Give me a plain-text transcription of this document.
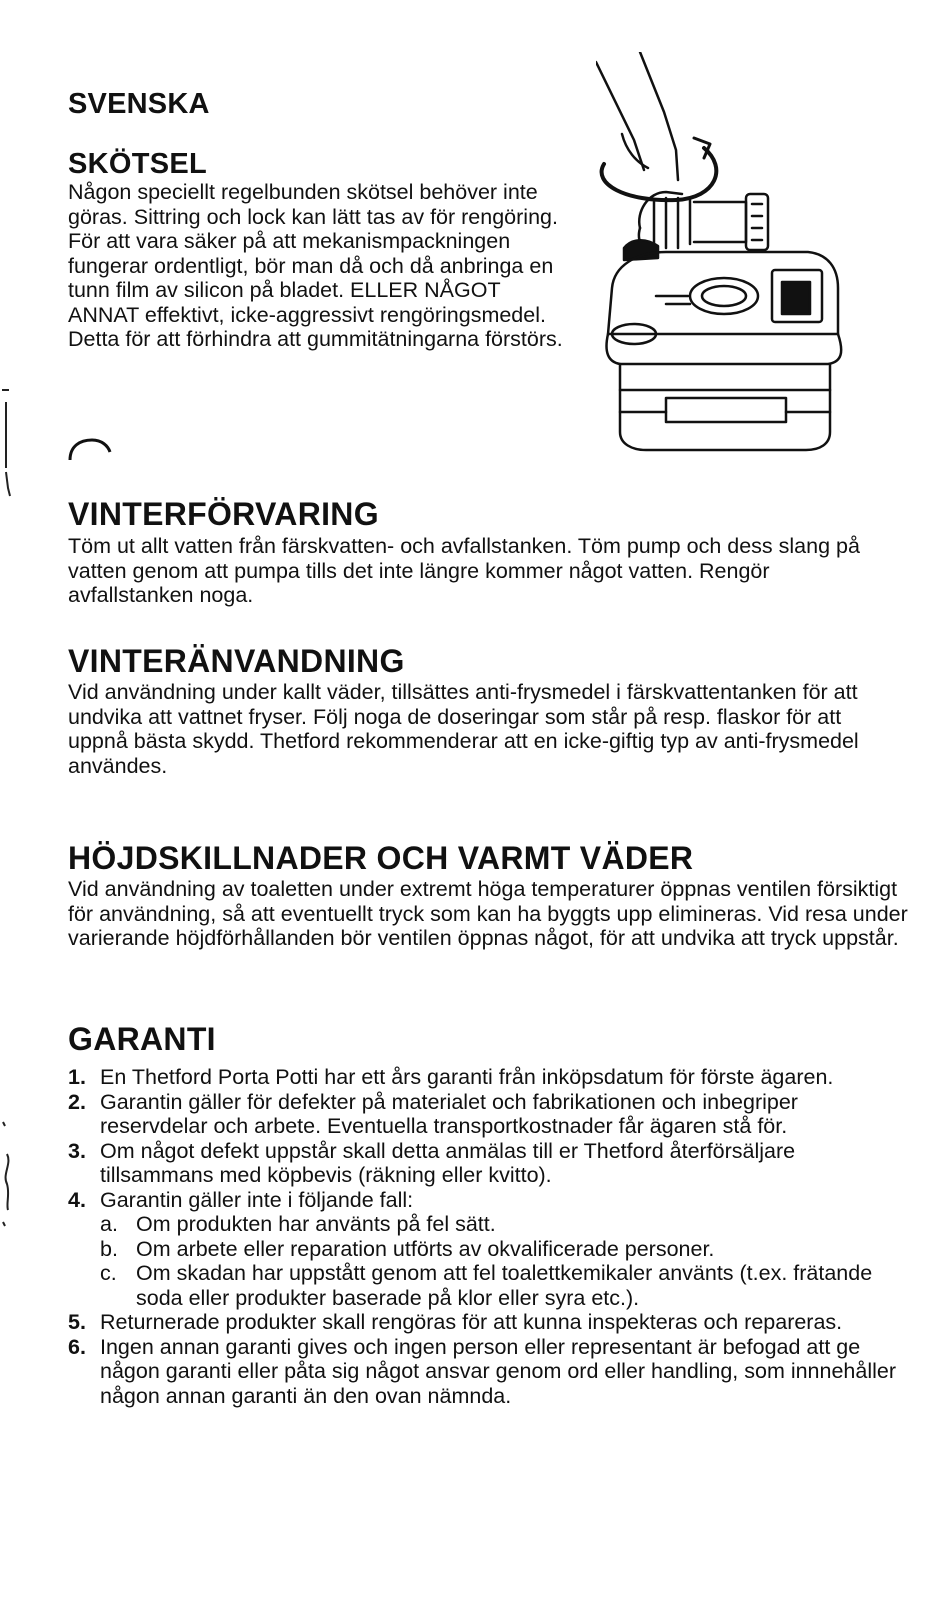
SVENSKA
SKÖTSEL

Någon speciellt regelbunden skötsel behöver inte göras. Sittring och lock kan lätt tas av för rengöring. För att vara säker på att mekanismpackningen fungerar ordentligt, bör man då och då anbringa en tunn film av silicon på bladet. ELLER NÅGOT ANNAT effektivt, icke-aggressivt rengöringsmedel. Detta för att förhindra att gummitätningarna förstörs.

VINTERFÖRVARING

Töm ut allt vatten från färskvatten- och avfallstanken. Töm pump och dess slang på vatten genom att pumpa tills det inte längre kommer något vatten. Rengör avfallstanken noga.

VINTERÄNVANDNING

Vid användning under kallt väder, tillsättes anti-frysmedel i färskvattentanken för att undvika att vattnet fryser. Följ noga de doseringar som står på resp. flaskor för att uppnå bästa skydd. Thetford rekommenderar att en icke-giftig typ av anti-frysmedel användes.

HÖJDSKILLNADER OCH VARMT VÄDER

Vid användning av toaletten under extremt höga temperaturer öppnas ventilen försiktigt för användning, så att eventuellt tryck som kan ha byggts upp elimineras. Vid resa under varierande höjdförhållanden bör ventilen öppnas något, för att undvika att tryck uppstår.

GARANTI
1. En Thetford Porta Potti har ett års garanti från inköpsdatum för förste ägaren.
2. Garantin gäller för defekter på materialet och fabrikationen och inbegriper reservdelar och arbete. Eventuella transportkostnader får ägaren stå för.
3. Om något defekt uppstår skall detta anmälas till er Thetford återförsäljare tillsammans med köpbevis (räkning eller kvitto).
4. Garantin gäller inte i följande fall:
a. Om produkten har använts på fel sätt.
b. Om arbete eller reparation utförts av okvalificerade personer.
c. Om skadan har uppstått genom att fel toalettkemikaler använts (t.ex. frätande soda eller produkter baserade på klor eller syra etc.).
5. Returnerade produkter skall rengöras för att kunna inspekteras och repareras.
6. Ingen annan garanti gives och ingen person eller representant är befogad att ge någon garanti eller påta sig något ansvar genom ord eller handling, som innnehåller någon annan garanti än den ovan nämnda.
